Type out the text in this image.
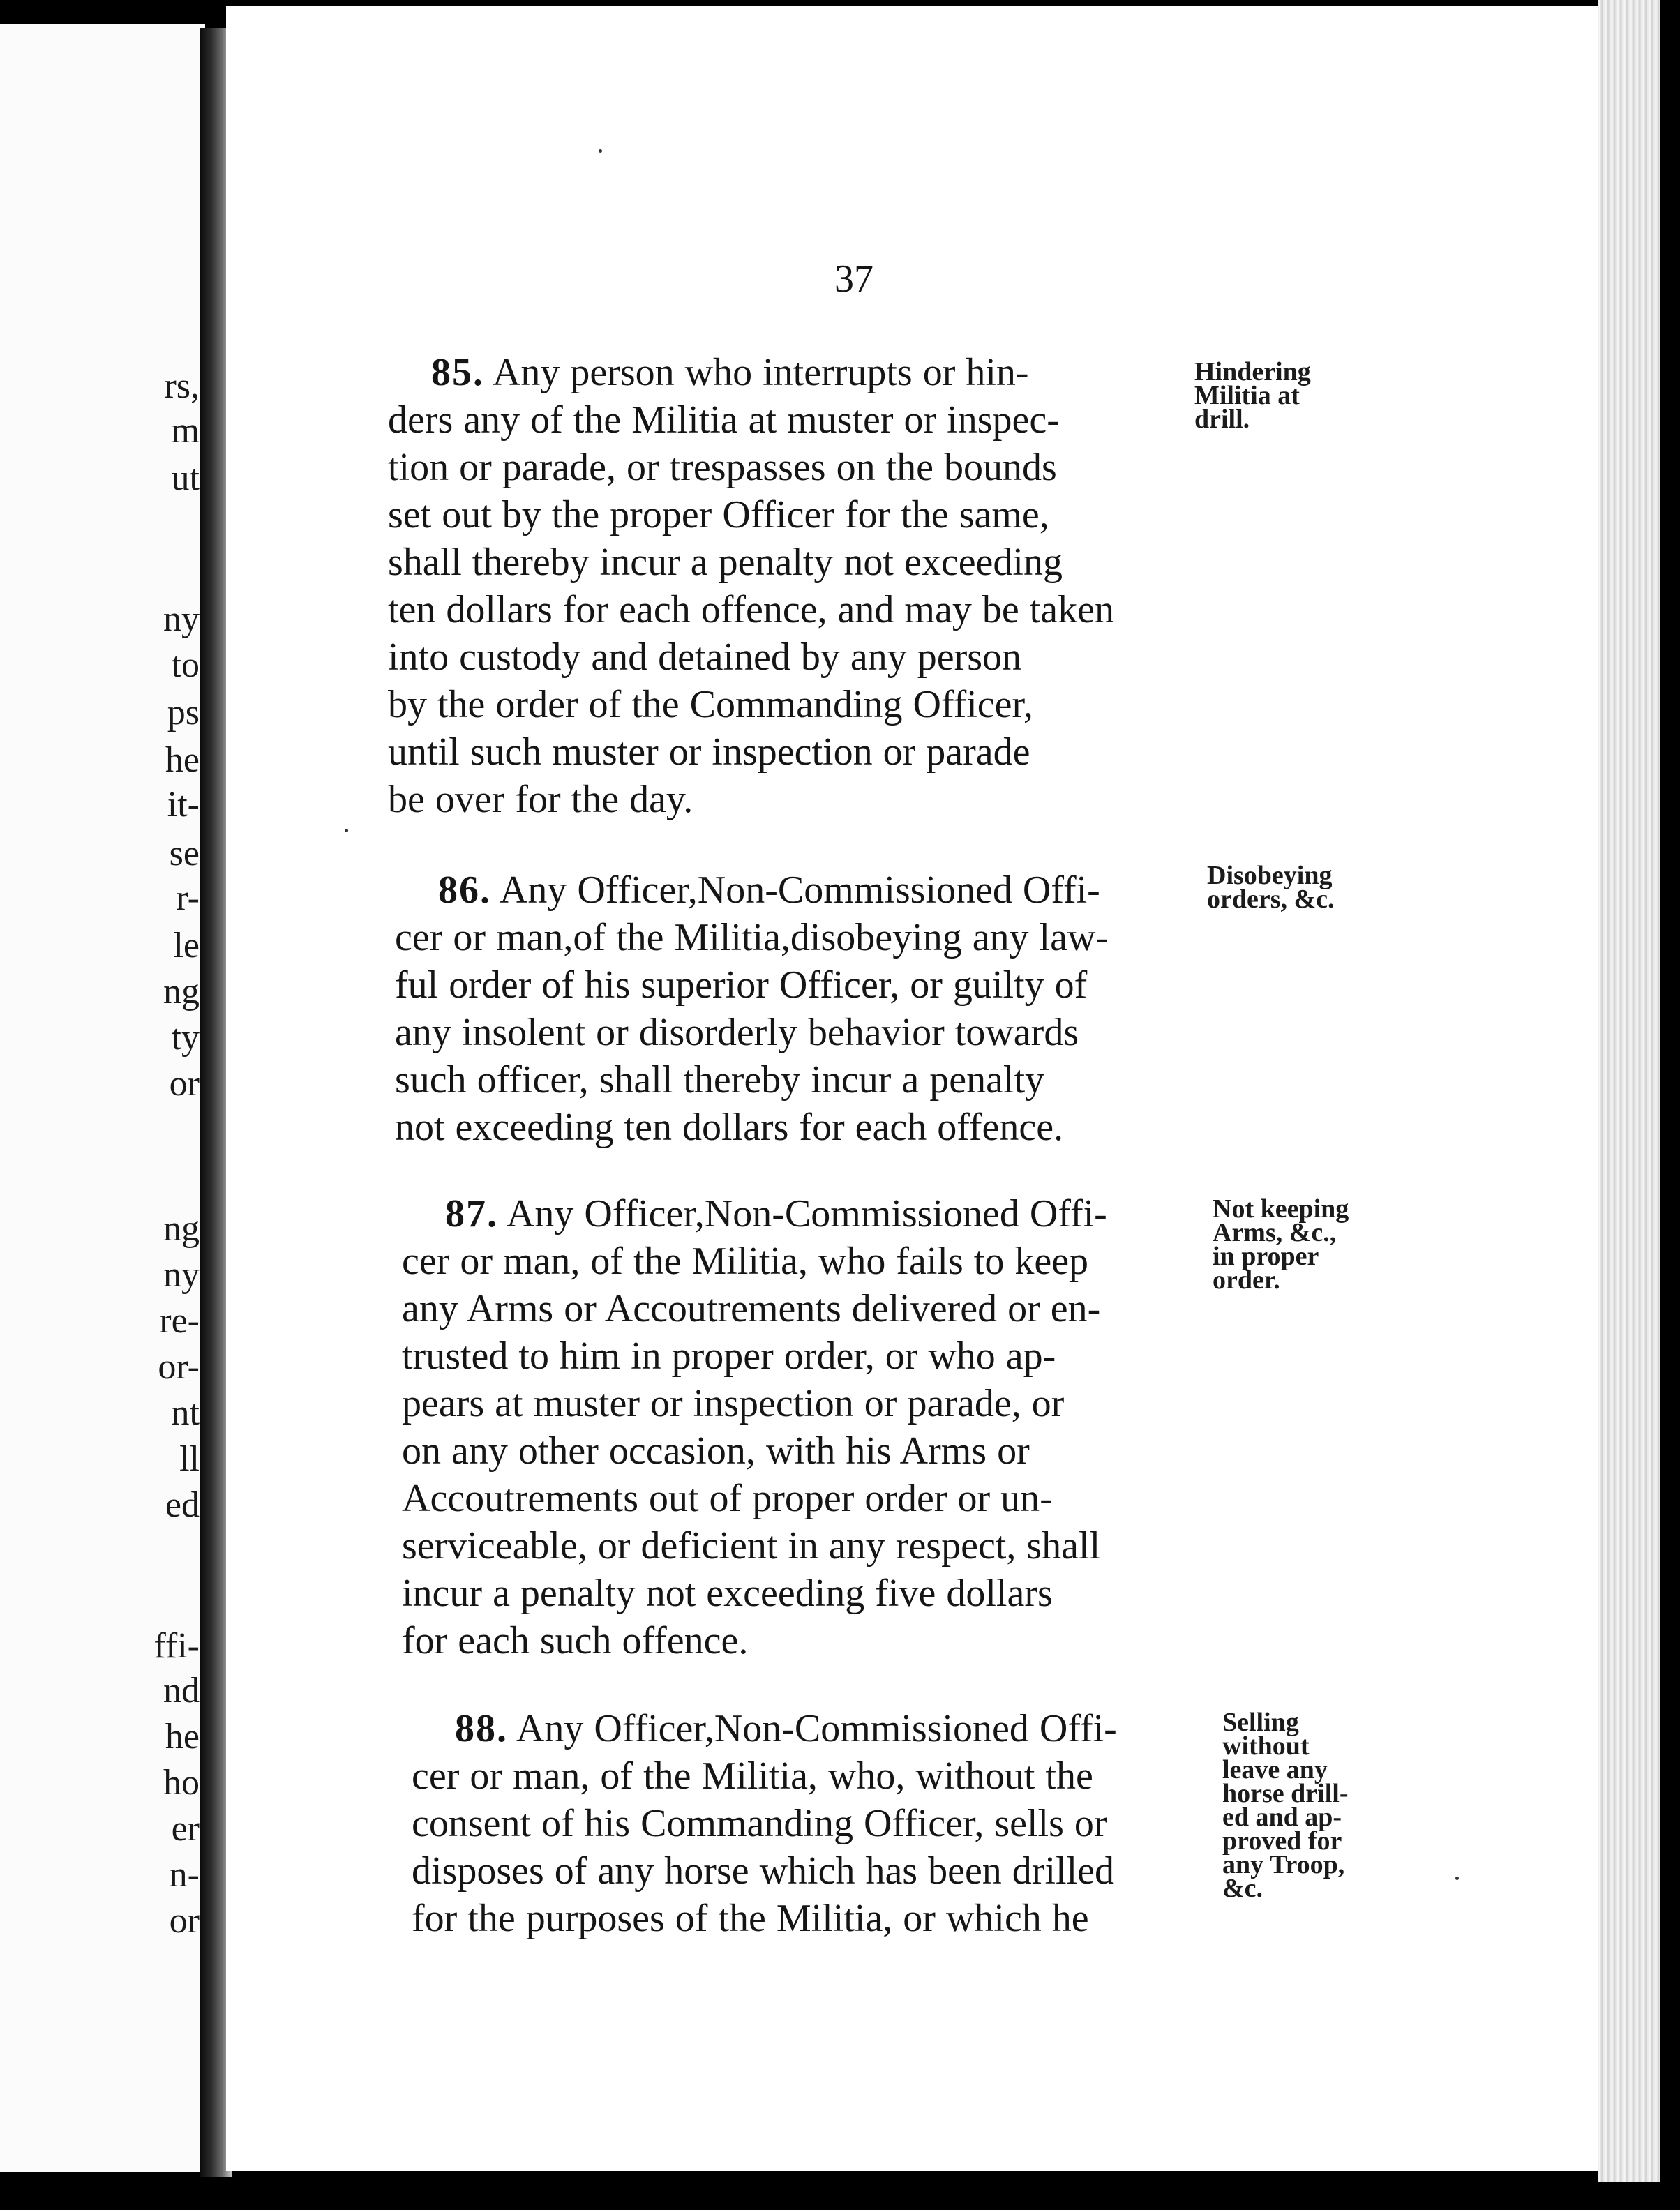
rs,
m
ut
ny
to
ps
he
it-
se
r-
le
ng
ty
or
ng
ny
re-
or-
nt
ll
ed
ffi-
nd
he
ho
er
n-
or
37
85. Any person who interrupts or hin-
ders any of the Militia at muster or inspec-
tion or parade, or trespasses on the bounds
set out by the proper Officer for the same,
shall thereby incur a penalty not exceeding
ten dollars for each offence, and may be taken
into custody and detained by any person
by the order of the Commanding Officer,
until such muster or inspection or parade
be over for the day.
Hindering
Militia at
drill.
86. Any Officer,Non-Commissioned Offi-
cer or man,of the Militia,disobeying any law-
ful order of his superior Officer, or guilty of
any insolent or disorderly behavior towards
such officer, shall thereby incur a penalty
not exceeding ten dollars for each offence.
Disobeying
orders, &c.
87. Any Officer,Non-Commissioned Offi-
cer or man, of the Militia, who fails to keep
any Arms or Accoutrements delivered or en-
trusted to him in proper order, or who ap-
pears at muster or inspection or parade, or
on any other occasion, with his Arms or
Accoutrements out of proper order or un-
serviceable, or deficient in any respect, shall
incur a penalty not exceeding five dollars
for each such offence.
Not keeping
Arms, &c.,
in proper
order.
88. Any Officer,Non-Commissioned Offi-
cer or man, of the Militia, who, without the
consent of his Commanding Officer, sells or
disposes of any horse which has been drilled
for the purposes of the Militia, or which he
Selling
without
leave any
horse drill-
ed and ap-
proved for
any Troop,
&c.
